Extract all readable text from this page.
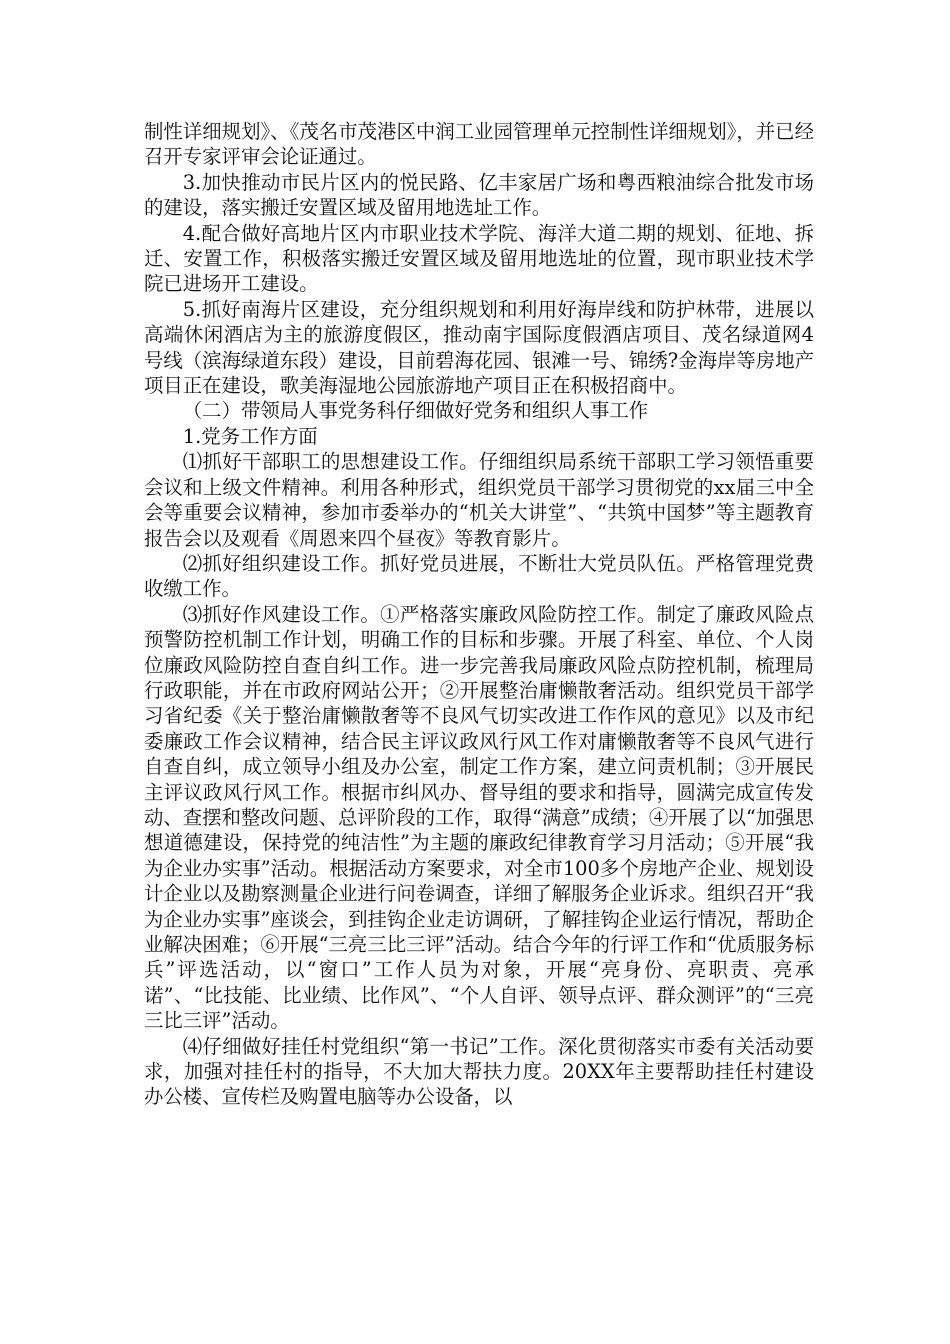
制性详细规划》、《茂名市茂港区中润工业园管理单元控制性详细规划》，并已经召开专家评审会论证通过。

3.加快推动市民片区内的悦民路、亿丰家居广场和粤西粮油综合批发市场的建设，落实搬迁安置区域及留用地选址工作。

4.配合做好高地片区内市职业技术学院、海洋大道二期的规划、征地、拆迁、安置工作，积极落实搬迁安置区域及留用地选址的位置，现市职业技术学院已进场开工建设。

5.抓好南海片区建设，充分组织规划和利用好海岸线和防护林带，进展以高端休闲酒店为主的旅游度假区，推动南宇国际度假酒店项目、茂名绿道网4号线（滨海绿道东段）建设，目前碧海花园、银滩一号、锦绣?金海岸等房地产项目正在建设，歌美海湿地公园旅游地产项目正在积极招商中。

（二）带领局人事党务科仔细做好党务和组织人事工作

1.党务工作方面

⑴抓好干部职工的思想建设工作。仔细组织局系统干部职工学习领悟重要会议和上级文件精神。利用各种形式，组织党员干部学习贯彻党的xx届三中全会等重要会议精神，参加市委举办的“机关大讲堂”、“共筑中国梦”等主题教育报告会以及观看《周恩来四个昼夜》等教育影片。

⑵抓好组织建设工作。抓好党员进展，不断壮大党员队伍。严格管理党费收缴工作。

⑶抓好作风建设工作。①严格落实廉政风险防控工作。制定了廉政风险点预警防控机制工作计划，明确工作的目标和步骤。开展了科室、单位、个人岗位廉政风险防控自查自纠工作。进一步完善我局廉政风险点防控机制，梳理局行政职能，并在市政府网站公开；②开展整治庸懒散奢活动。组织党员干部学习省纪委《关于整治庸懒散奢等不良风气切实改进工作作风的意见》以及市纪委廉政工作会议精神，结合民主评议政风行风工作对庸懒散奢等不良风气进行自查自纠，成立领导小组及办公室，制定工作方案，建立问责机制；③开展民主评议政风行风工作。根据市纠风办、督导组的要求和指导，圆满完成宣传发动、查摆和整改问题、总评阶段的工作，取得“满意”成绩；④开展了以“加强思想道德建设，保持党的纯洁性”为主题的廉政纪律教育学习月活动；⑤开展“我为企业办实事”活动。根据活动方案要求，对全市100多个房地产企业、规划设计企业以及勘察测量企业进行问卷调查，详细了解服务企业诉求。组织召开“我为企业办实事”座谈会，到挂钩企业走访调研，了解挂钩企业运行情况，帮助企业解决困难；⑥开展“三亮三比三评”活动。结合今年的行评工作和“优质服务标兵”评选活动，以“窗口”工作人员为对象，开展“亮身份、亮职责、亮承诺”、“比技能、比业绩、比作风”、“个人自评、领导点评、群众测评”的“三亮三比三评”活动。

⑷仔细做好挂任村党组织“第一书记”工作。深化贯彻落实市委有关活动要求，加强对挂任村的指导，不大加大帮扶力度。20XX年主要帮助挂任村建设办公楼、宣传栏及购置电脑等办公设备，以
